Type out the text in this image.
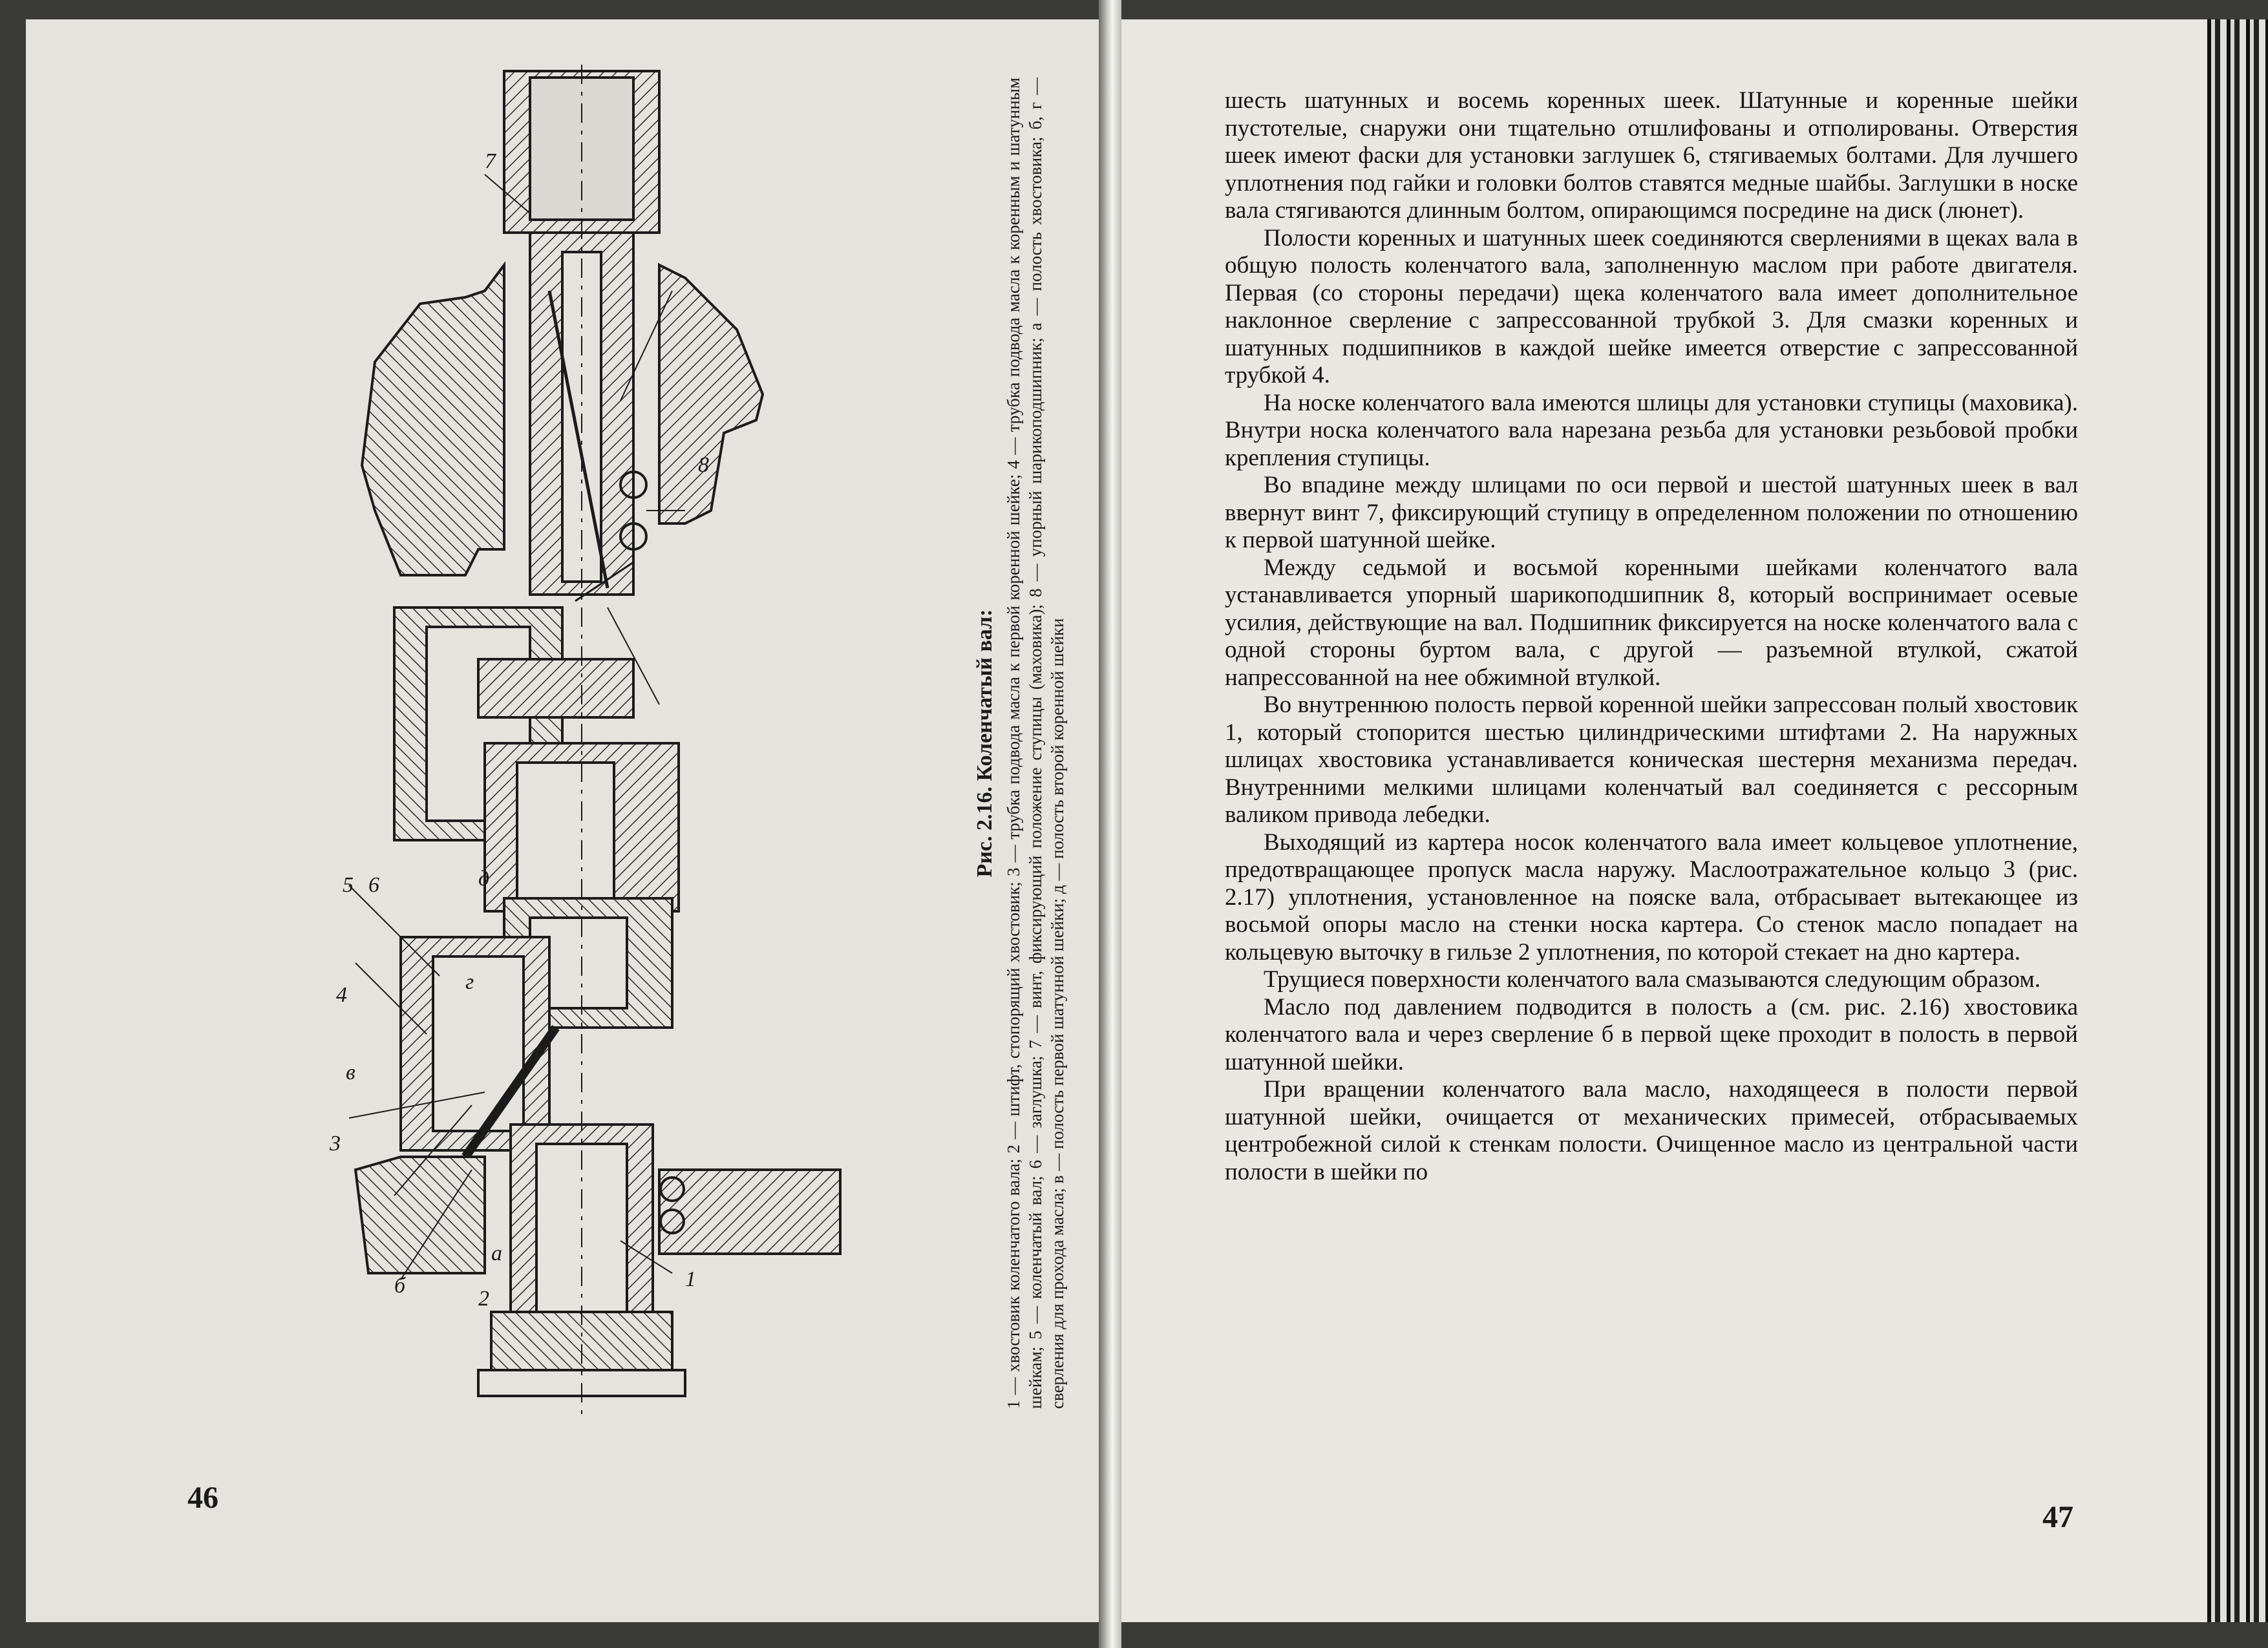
1
2
3
4
5 6
7
8
а
б
в
г
д
Рис. 2.16. Коленчатый вал: 1 — хвостовик коленчатого вала; 2 — штифт, стопорящий хвостовик; 3 — трубка подвода масла к первой коренной шейке; 4 — трубка подвода масла к коренным и шатунным шейкам; 5 — коленчатый вал; 6 — заглушка; 7 — винт, фиксирующий положение ступицы (маховика); 8 — упорный шарикоподшипник; а — полость хвостовика; б, г — сверления для прохода масла; в — полость первой шатунной шейки; д — полость второй коренной шейки

46

шесть шатунных и восемь коренных шеек. Шатунные и коренные шейки пустотелые, снаружи они тщательно отшлифованы и отполированы. Отверстия шеек имеют фаски для установки заглушек 6, стягиваемых болтами. Для лучшего уплотнения под гайки и головки болтов ставятся медные шайбы. Заглушки в носке вала стягиваются длинным болтом, опирающимся посредине на диск (люнет).

Полости коренных и шатунных шеек соединяются сверлениями в щеках вала в общую полость коленчатого вала, заполненную маслом при работе двигателя. Первая (со стороны передачи) щека коленчатого вала имеет дополнительное наклонное сверление с запрессованной трубкой 3. Для смазки коренных и шатунных подшипников в каждой шейке имеется отверстие с запрессованной трубкой 4.

На носке коленчатого вала имеются шлицы для установки ступицы (маховика). Внутри носка коленчатого вала нарезана резьба для установки резьбовой пробки крепления ступицы.

Во впадине между шлицами по оси первой и шестой шатунных шеек в вал ввернут винт 7, фиксирующий ступицу в определенном положении по отношению к первой шатунной шейке.

Между седьмой и восьмой коренными шейками коленчатого вала устанавливается упорный шарикоподшипник 8, который воспринимает осевые усилия, действующие на вал. Подшипник фиксируется на носке коленчатого вала с одной стороны буртом вала, с другой — разъемной втулкой, сжатой напрессованной на нее обжимной втулкой.

Во внутреннюю полость первой коренной шейки запрессован полый хвостовик 1, который стопорится шестью цилиндрическими штифтами 2. На наружных шлицах хвостовика устанавливается коническая шестерня механизма передач. Внутренними мелкими шлицами коленчатый вал соединяется с рессорным валиком привода лебедки.

Выходящий из картера носок коленчатого вала имеет кольцевое уплотнение, предотвращающее пропуск масла наружу. Маслоотражательное кольцо 3 (рис. 2.17) уплотнения, установленное на пояске вала, отбрасывает вытекающее из восьмой опоры масло на стенки носка картера. Со стенок масло попадает на кольцевую выточку в гильзе 2 уплотнения, по которой стекает на дно картера.

Трущиеся поверхности коленчатого вала смазываются следующим образом.

Масло под давлением подводится в полость а (см. рис. 2.16) хвостовика коленчатого вала и через сверление б в первой щеке проходит в полость в первой шатунной шейки.

При вращении коленчатого вала масло, находящееся в полости первой шатунной шейки, очищается от механических примесей, отбрасываемых центробежной силой к стенкам полости. Очищенное масло из центральной части полости в шейки по

47
